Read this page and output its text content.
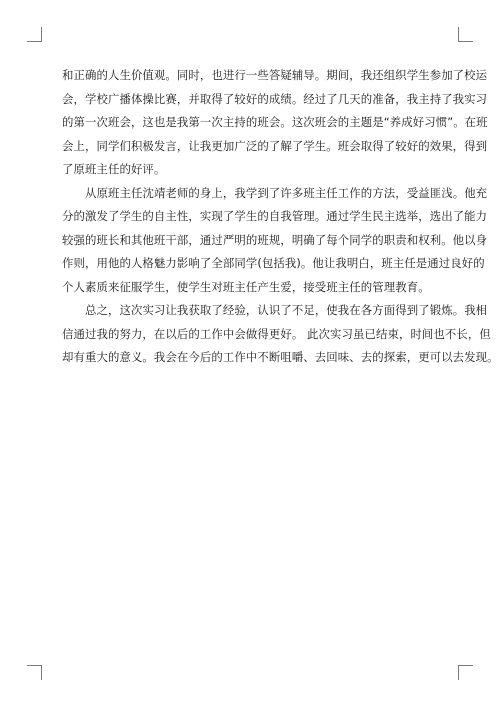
和正确的人生价值观。同时，也进行一些答疑辅导。期间，我还组织学生参加了校运
会，学校广播体操比赛，并取得了较好的成绩。经过了几天的准备，我主持了我实习
的第一次班会，这也是我第一次主持的班会。这次班会的主题是“养成好习惯”。在班
会上，同学们积极发言，让我更加广泛的了解了学生。班会取得了较好的效果，得到
了原班主任的好评。
从原班主任沈靖老师的身上，我学到了许多班主任工作的方法，受益匪浅。他充
分的激发了学生的自主性，实现了学生的自我管理。通过学生民主选举，选出了能力
较强的班长和其他班干部，通过严明的班规，明确了每个同学的职责和权利。他以身
作则，用他的人格魅力影响了全部同学(包括我)。他让我明白，班主任是通过良好的
个人素质来征服学生，使学生对班主任产生爱，接受班主任的管理教育。
总之，这次实习让我获取了经验，认识了不足，使我在各方面得到了锻炼。我相
信通过我的努力，在以后的工作中会做得更好。 此次实习虽已结束，时间也不长，但
却有重大的意义。我会在今后的工作中不断咀嚼、去回味、去的探索，更可以去发现。
